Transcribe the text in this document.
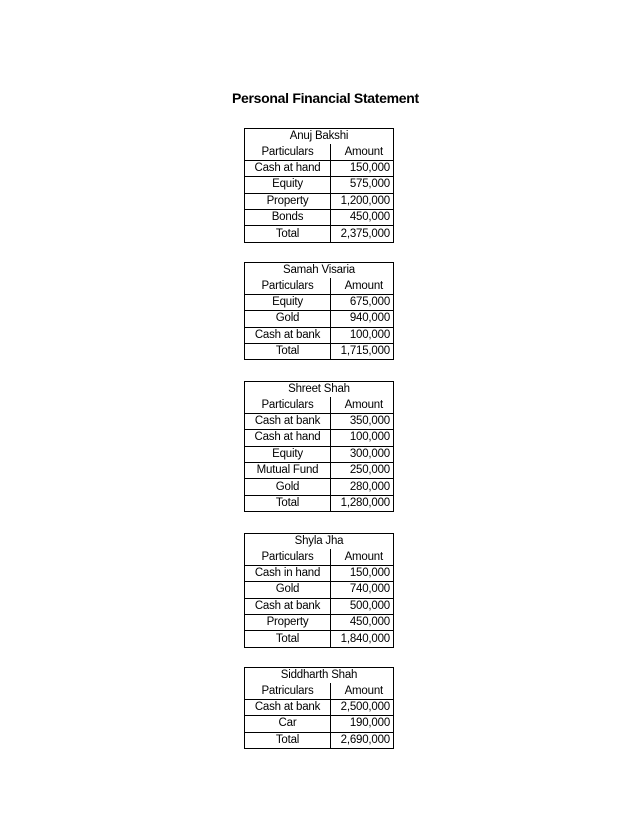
Personal Financial Statement
Anuj Bakshi	
Particulars	Amount
Cash at hand	150,000
Equity	575,000
Property	1,200,000
Bonds	450,000
Total	2,375,000
Samah Visaria	
Particulars	Amount
Equity	675,000
Gold	940,000
Cash at bank	100,000
Total	1,715,000
Shreet Shah	
Particulars	Amount
Cash at bank	350,000
Cash at hand	100,000
Equity	300,000
Mutual Fund	250,000
Gold	280,000
Total	1,280,000
Shyla Jha	
Particulars	Amount
Cash in hand	150,000
Gold	740,000
Cash at bank	500,000
Property	450,000
Total	1,840,000
Siddharth Shah	
Patriculars	Amount
Cash at bank	2,500,000
Car	190,000
Total	2,690,000
